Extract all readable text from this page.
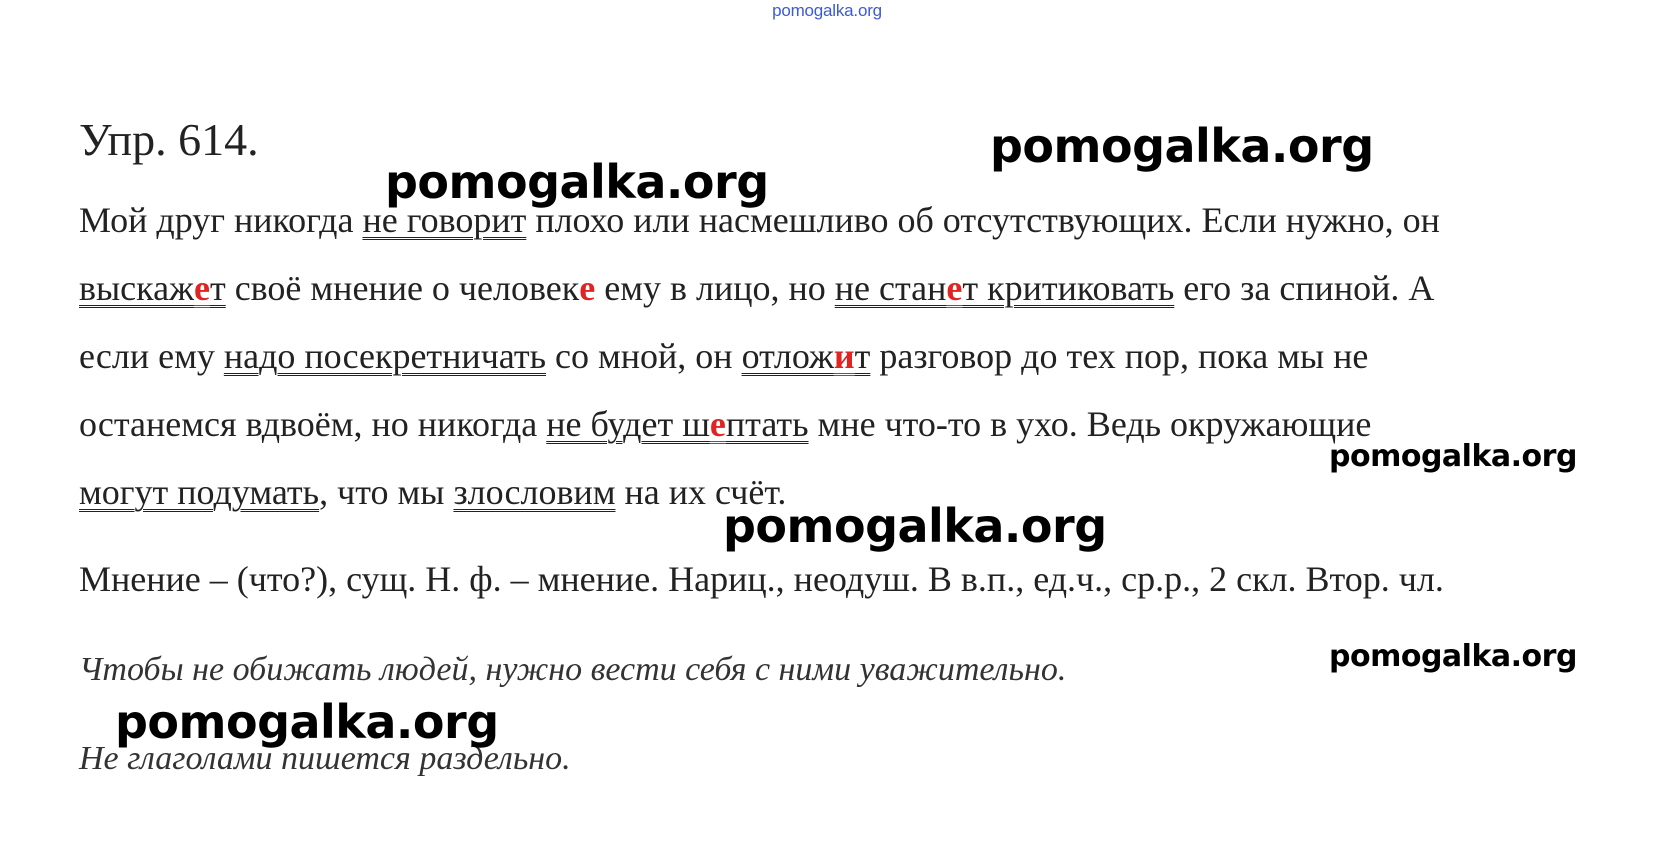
pomogalka.org
Упр. 614.
Мой друг никогда не говорит плохо или насмешливо об отсутствующих. Если нужно, он
выскажет своё мнение о человеке ему в лицо, но не станет критиковать его за спиной. А
если ему надо посекретничать со мной, он отложит разговор до тех пор, пока мы не
останемся вдвоём, но никогда не будет шептать мне что-то в ухо. Ведь окружающие
могут подумать, что мы злословим на их счёт.
Мнение – (что?), сущ. Н. ф. – мнение. Нариц., неодуш. В в.п., ед.ч., ср.р., 2 скл. Втор. чл.
Чтобы не обижать людей, нужно вести себя с ними уважительно.
Не глаголами пишется раздельно.
pomogalka.org
pomogalka.org
pomogalka.org
pomogalka.org
pomogalka.org
pomogalka.org
